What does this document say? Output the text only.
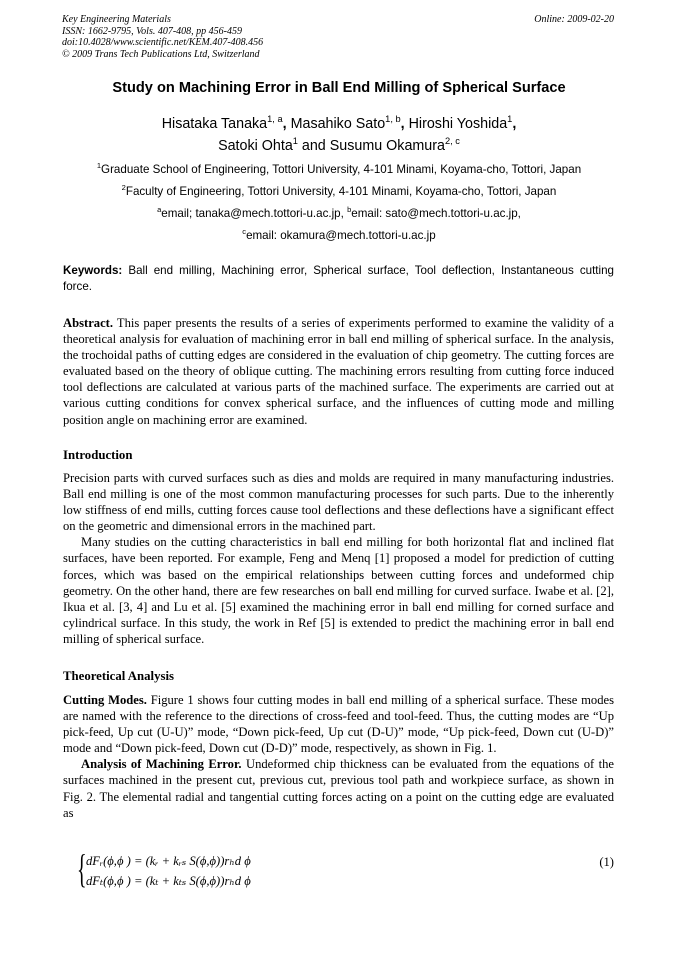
Key Engineering Materials
ISSN: 1662-9795, Vols. 407-408, pp 456-459
doi:10.4028/www.scientific.net/KEM.407-408.456
© 2009 Trans Tech Publications Ltd, Switzerland
Online: 2009-02-20
Study on Machining Error in Ball End Milling of Spherical Surface
Hisataka Tanaka$^{1, a}$, Masahiko Sato$^{1, b}$, Hiroshi Yoshida$^1$,
Satoki Ohta$^1$ and Susumu Okamura$^{2, c}$
$^1$Graduate School of Engineering, Tottori University, 4-101 Minami, Koyama-cho, Tottori, Japan
$^2$Faculty of Engineering, Tottori University, 4-101 Minami, Koyama-cho, Tottori, Japan
$^a$email; tanaka@mech.tottori-u.ac.jp, $^b$email: sato@mech.tottori-u.ac.jp,
$^c$email: okamura@mech.tottori-u.ac.jp
Keywords: Ball end milling, Machining error, Spherical surface, Tool deflection, Instantaneous cutting force.
Abstract. This paper presents the results of a series of experiments performed to examine the validity of a theoretical analysis for evaluation of machining error in ball end milling of spherical surface. In the analysis, the trochoidal paths of cutting edges are considered in the evaluation of chip geometry. The cutting forces are evaluated based on the theory of oblique cutting. The machining errors resulting from cutting force induced tool deflections are calculated at various parts of the machined surface. The experiments are carried out at various cutting conditions for convex spherical surface, and the influences of cutting mode and milling position angle on machining error are examined.
Introduction
Precision parts with curved surfaces such as dies and molds are required in many manufacturing industries. Ball end milling is one of the most common manufacturing processes for such parts. Due to the inherently low stiffness of end mills, cutting forces cause tool deflections and these deflections have a significant effect on the geometric and dimensional errors in the machined part.
Many studies on the cutting characteristics in ball end milling for both horizontal flat and inclined flat surfaces, have been reported. For example, Feng and Menq [1] proposed a model for prediction of cutting forces, which was based on the empirical relationships between cutting forces and undeformed chip geometry. On the other hand, there are few researches on ball end milling for curved surface. Iwabe et al. [2], Ikua et al. [3, 4] and Lu et al. [5] examined the machining error in ball end milling for corned surface and cylindrical surface. In this study, the work in Ref [5] is extended to predict the machining error in ball end milling of spherical surface.
Theoretical Analysis
Cutting Modes. Figure 1 shows four cutting modes in ball end milling of a spherical surface. These modes are named with the reference to the directions of cross-feed and tool-feed. Thus, the cutting modes are “Up pick-feed, Up cut (U-U)” mode, “Down pick-feed, Up cut (D-U)” mode, “Up pick-feed, Down cut (U-D)” mode and “Down pick-feed, Down cut (D-D)” mode, respectively, as shown in Fig. 1.
Analysis of Machining Error. Undeformed chip thickness can be evaluated from the equations of the surfaces machined in the present cut, previous cut, previous tool path and workpiece surface, as shown in Fig. 2. The elemental radial and tangential cutting forces acting on a point on the cutting edge are evaluated as
{ dFᵣ(ϕ,ϕ ) = (kᵣ + kᵣₛ S(ϕ,ϕ))rₕd ϕ
dFₜ(ϕ,ϕ ) = (kₜ + kₜₛ S(ϕ,ϕ))rₕd ϕ
(1)
